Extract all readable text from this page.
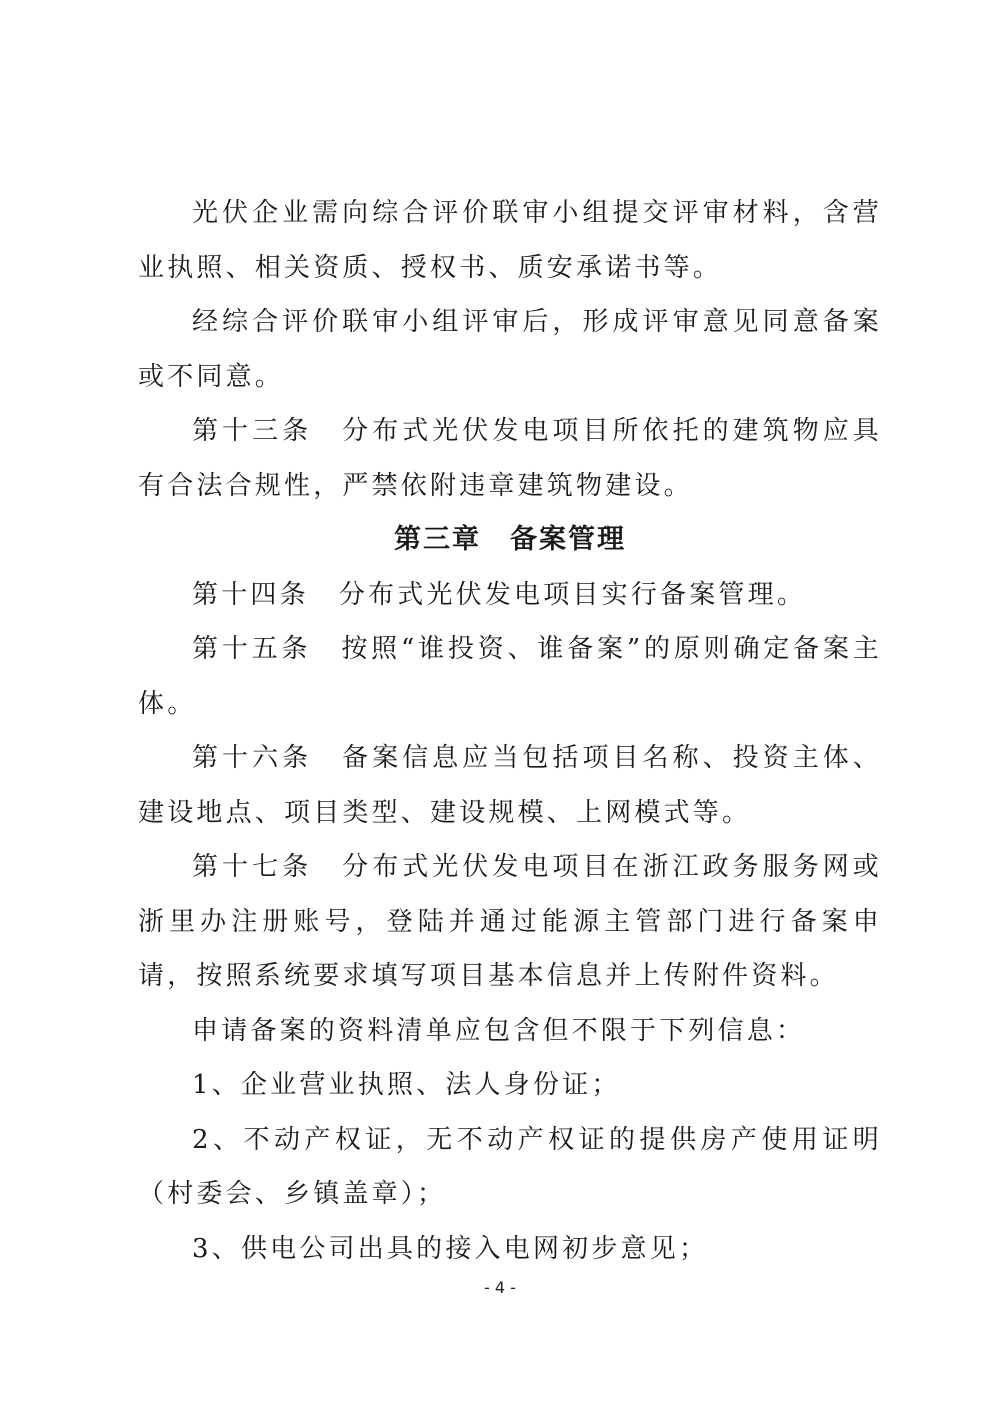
光伏企业需向综合评价联审小组提交评审材料，含营业执照、相关资质、授权书、质安承诺书等。

经综合评价联审小组评审后，形成评审意见同意备案或不同意。

第十三条 分布式光伏发电项目所依托的建筑物应具有合法合规性，严禁依附违章建筑物建设。

第三章　备案管理

第十四条 分布式光伏发电项目实行备案管理。

第十五条 按照“谁投资、谁备案”的原则确定备案主体。

第十六条 备案信息应当包括项目名称、投资主体、建设地点、项目类型、建设规模、上网模式等。

第十七条 分布式光伏发电项目在浙江政务服务网或浙里办注册账号，登陆并通过能源主管部门进行备案申请，按照系统要求填写项目基本信息并上传附件资料。

申请备案的资料清单应包含但不限于下列信息：

1、企业营业执照、法人身份证；

2、不动产权证，无不动产权证的提供房产使用证明（村委会、乡镇盖章）；

3、供电公司出具的接入电网初步意见；

- 4 -
